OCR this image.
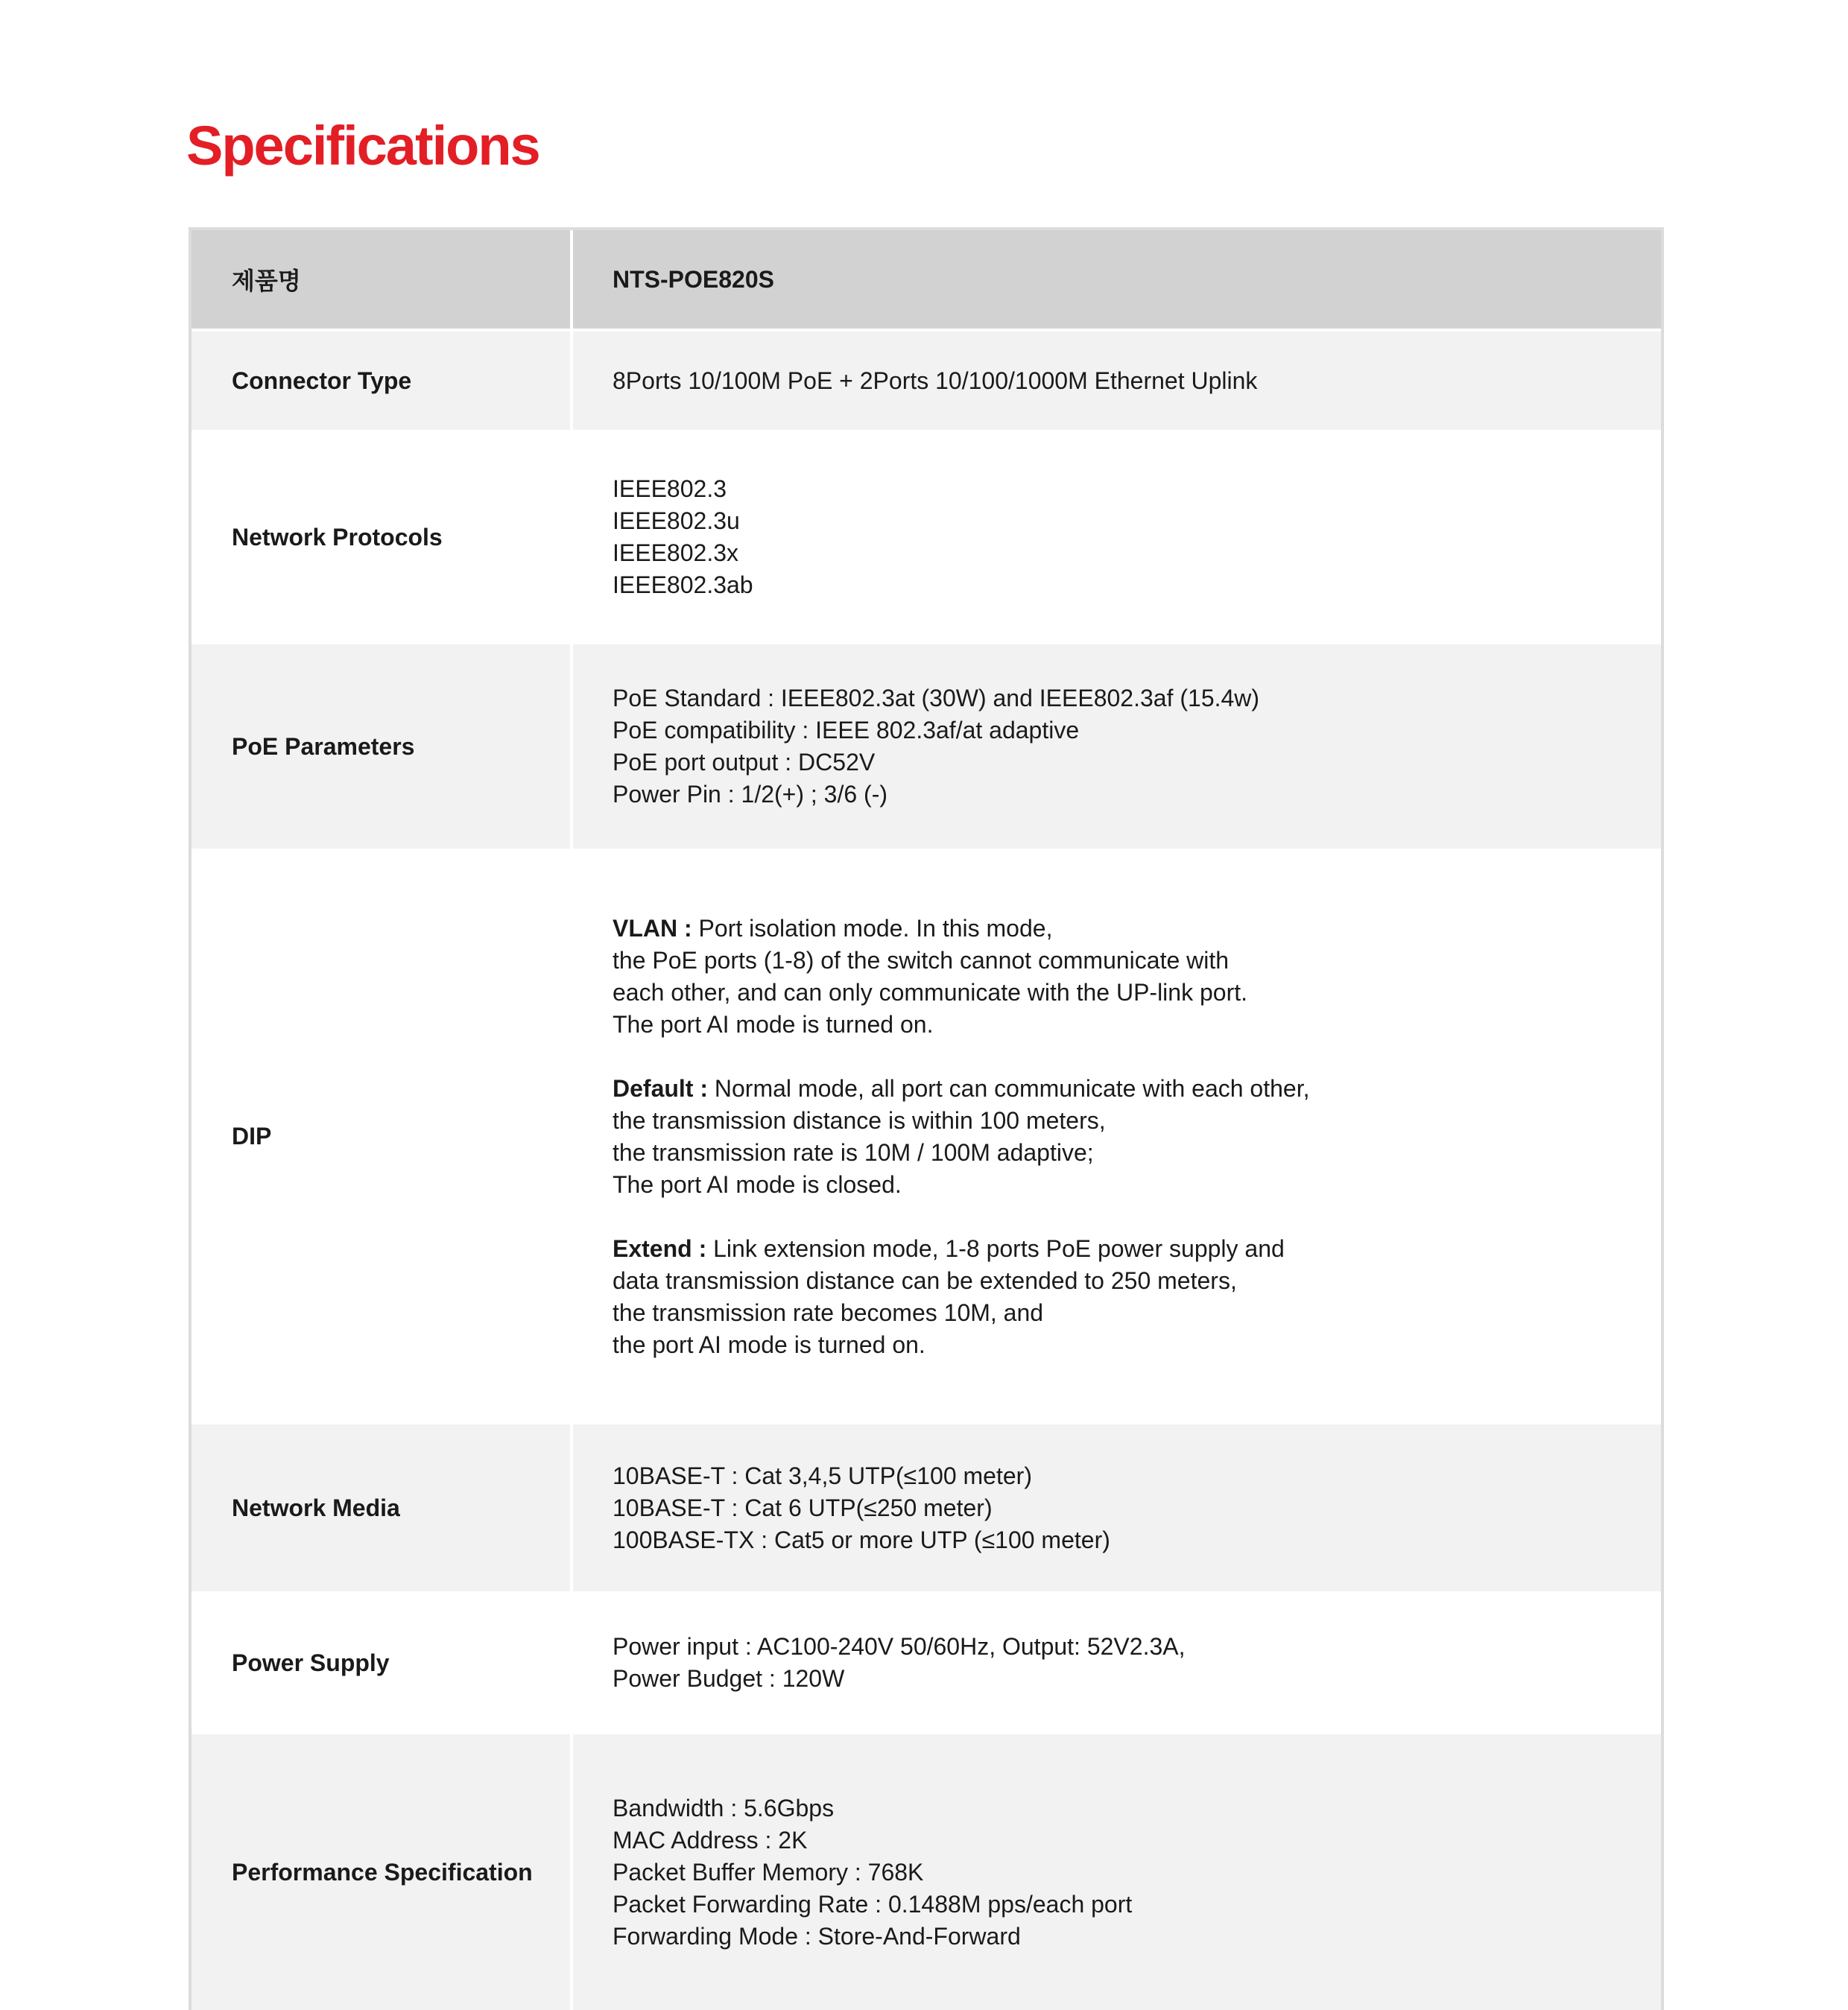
Specifications
제품명	NTS-POE820S
Connector Type	8Ports 10/100M PoE + 2Ports 10/100/1000M Ethernet Uplink
Network Protocols
IEEE802.3
IEEE802.3u
IEEE802.3x
IEEE802.3ab
PoE Parameters
PoE Standard : IEEE802.3at (30W) and IEEE802.3af (15.4w)
PoE compatibility : IEEE 802.3af/at adaptive
PoE port output : DC52V
Power Pin : 1/2(+) ; 3/6 (-)
DIP
VLAN : Port isolation mode. In this mode,
the PoE ports (1-8) of the switch cannot communicate with
each other, and can only communicate with the UP-link port.
The port AI mode is turned on.
Default : Normal mode, all port can communicate with each other,
the transmission distance is within 100 meters,
the transmission rate is 10M / 100M adaptive;
The port AI mode is closed.
Extend : Link extension mode, 1-8 ports PoE power supply and
data transmission distance can be extended to 250 meters,
the transmission rate becomes 10M, and
the port AI mode is turned on.
Network Media
10BASE-T : Cat 3,4,5 UTP(≤100 meter)
10BASE-T : Cat 6 UTP(≤250 meter)
100BASE-TX : Cat5 or more UTP (≤100 meter)
Power Supply
Power input : AC100-240V 50/60Hz, Output: 52V2.3A,
Power Budget : 120W
Performance Specification
Bandwidth : 5.6Gbps
MAC Address : 2K
Packet Buffer Memory : 768K
Packet Forwarding Rate : 0.1488M pps/each port
Forwarding Mode : Store-And-Forward
